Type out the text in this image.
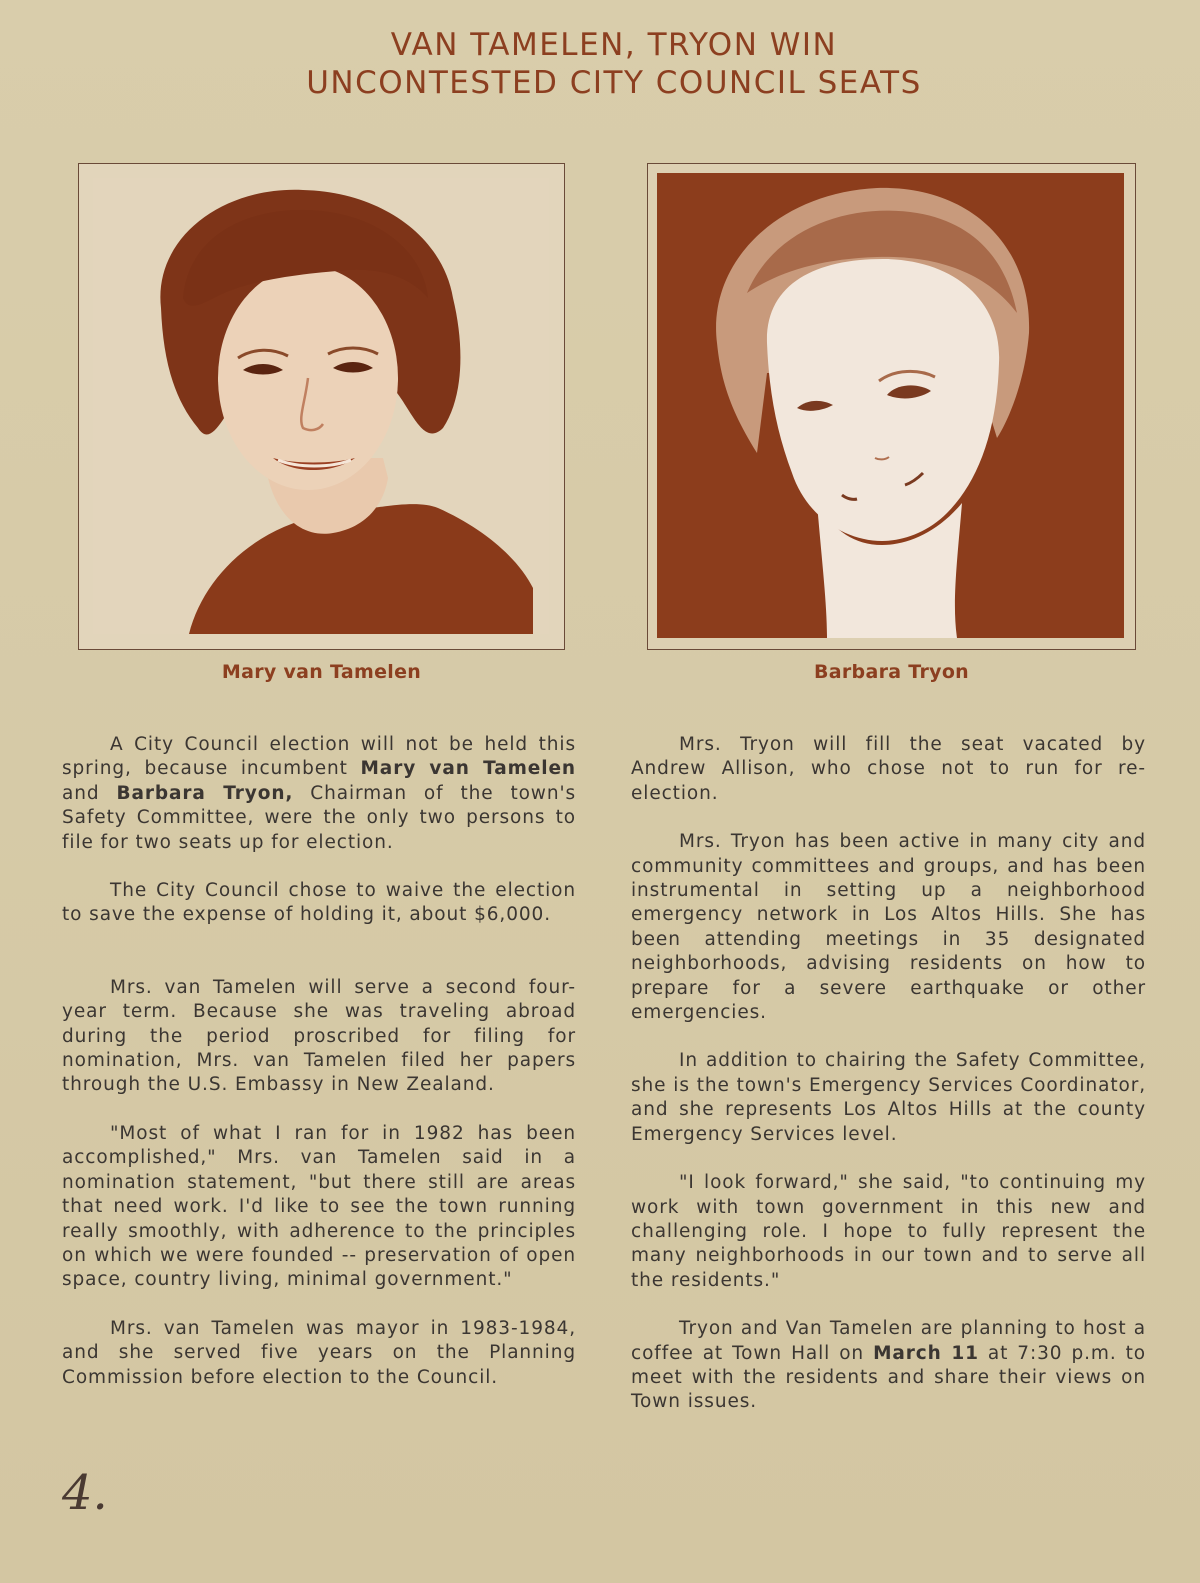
VAN TAMELEN, TRYON WIN
UNCONTESTED CITY COUNCIL SEATS
Mary van Tamelen	Barbara Tryon

A City Council election will not be held this spring, because incumbent Mary van Tamelen and Barbara Tryon, Chairman of the town's Safety Committee, were the only two persons to file for two seats up for election.

The City Council chose to waive the election to save the expense of holding it, about $6,000.

Mrs. van Tamelen will serve a second four-year term. Because she was traveling abroad during the period proscribed for filing for nomination, Mrs. van Tamelen filed her papers through the U.S. Embassy in New Zealand.

"Most of what I ran for in 1982 has been accomplished," Mrs. van Tamelen said in a nomination statement, "but there still are areas that need work. I'd like to see the town running really smoothly, with adherence to the principles on which we were founded -- preservation of open space, country living, minimal government."

Mrs. van Tamelen was mayor in 1983-1984, and she served five years on the Planning Commission before election to the Council.

Mrs. Tryon will fill the seat vacated by Andrew Allison, who chose not to run for re-election.

Mrs. Tryon has been active in many city and community committees and groups, and has been instrumental in setting up a neighborhood emergency network in Los Altos Hills. She has been attending meetings in 35 designated neighborhoods, advising residents on how to prepare for a severe earthquake or other emergencies.

In addition to chairing the Safety Committee, she is the town's Emergency Services Coordinator, and she represents Los Altos Hills at the county Emergency Services level.

"I look forward," she said, "to continuing my work with town government in this new and challenging role. I hope to fully represent the many neighborhoods in our town and to serve all the residents."

Tryon and Van Tamelen are planning to host a coffee at Town Hall on March 11 at 7:30 p.m. to meet with the residents and share their views on Town issues.

4.
